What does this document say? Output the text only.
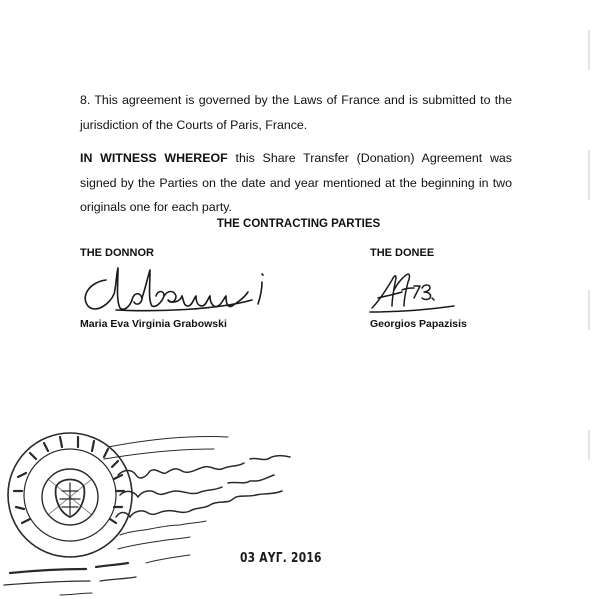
8. This agreement is governed by the Laws of France and is submitted to the jurisdiction of the Courts of Paris, France.

IN WITNESS WHEREOF this Share Transfer (Donation) Agreement was signed by the Parties on the date and year mentioned at the beginning in two originals one for each party.

THE CONTRACTING PARTIES
THE DONNOR	THE DONEE
Maria Eva Virginia Grabowski	Georgios Papazisis
03 ΑΥΓ. 2016
